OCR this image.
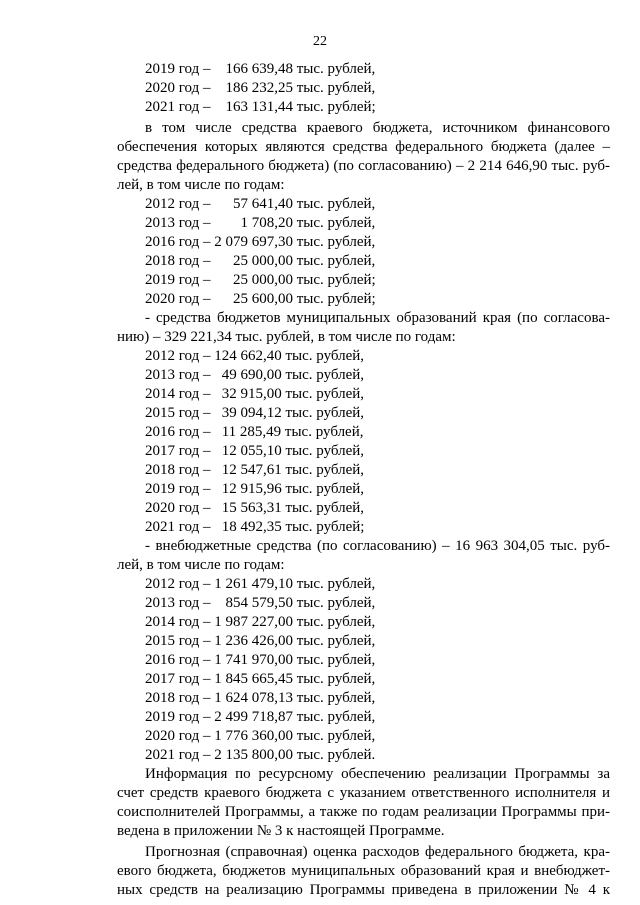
22
2019 год –    166 639,48 тыс. рублей,
2020 год –    186 232,25 тыс. рублей,
2021 год –    163 131,44 тыс. рублей;
в том числе средства краевого бюджета, источником финансового
обеспечения которых являются средства федерального бюджета (далее –
средства федерального бюджета) (по согласованию) – 2 214 646,90 тыс. руб-
лей, в том числе по годам:
2012 год –      57 641,40 тыс. рублей,
2013 год –        1 708,20 тыс. рублей,
2016 год – 2 079 697,30 тыс. рублей,
2018 год –      25 000,00 тыс. рублей,
2019 год –      25 000,00 тыс. рублей;
2020 год –      25 600,00 тыс. рублей;
- средства бюджетов муниципальных образований края (по согласова-
нию) – 329 221,34 тыс. рублей, в том числе по годам:
2012 год – 124 662,40 тыс. рублей,
2013 год –   49 690,00 тыс. рублей,
2014 год –   32 915,00 тыс. рублей,
2015 год –   39 094,12 тыс. рублей,
2016 год –   11 285,49 тыс. рублей,
2017 год –   12 055,10 тыс. рублей,
2018 год –   12 547,61 тыс. рублей,
2019 год –   12 915,96 тыс. рублей,
2020 год –   15 563,31 тыс. рублей,
2021 год –   18 492,35 тыс. рублей;
- внебюджетные средства (по согласованию) – 16 963 304,05 тыс. руб-
лей, в том числе по годам:
2012 год – 1 261 479,10 тыс. рублей,
2013 год –    854 579,50 тыс. рублей,
2014 год – 1 987 227,00 тыс. рублей,
2015 год – 1 236 426,00 тыс. рублей,
2016 год – 1 741 970,00 тыс. рублей,
2017 год – 1 845 665,45 тыс. рублей,
2018 год – 1 624 078,13 тыс. рублей,
2019 год – 2 499 718,87 тыс. рублей,
2020 год – 1 776 360,00 тыс. рублей,
2021 год – 2 135 800,00 тыс. рублей.
Информация по ресурсному обеспечению реализации Программы за
счет средств краевого бюджета с указанием ответственного исполнителя и
соисполнителей Программы, а также по годам реализации Программы при-
ведена в приложении № 3 к настоящей Программе.
Прогнозная (справочная) оценка расходов федерального бюджета, кра-
евого бюджета, бюджетов муниципальных образований края и внебюджет-
ных средств на реализацию Программы приведена в приложении № 4 к
